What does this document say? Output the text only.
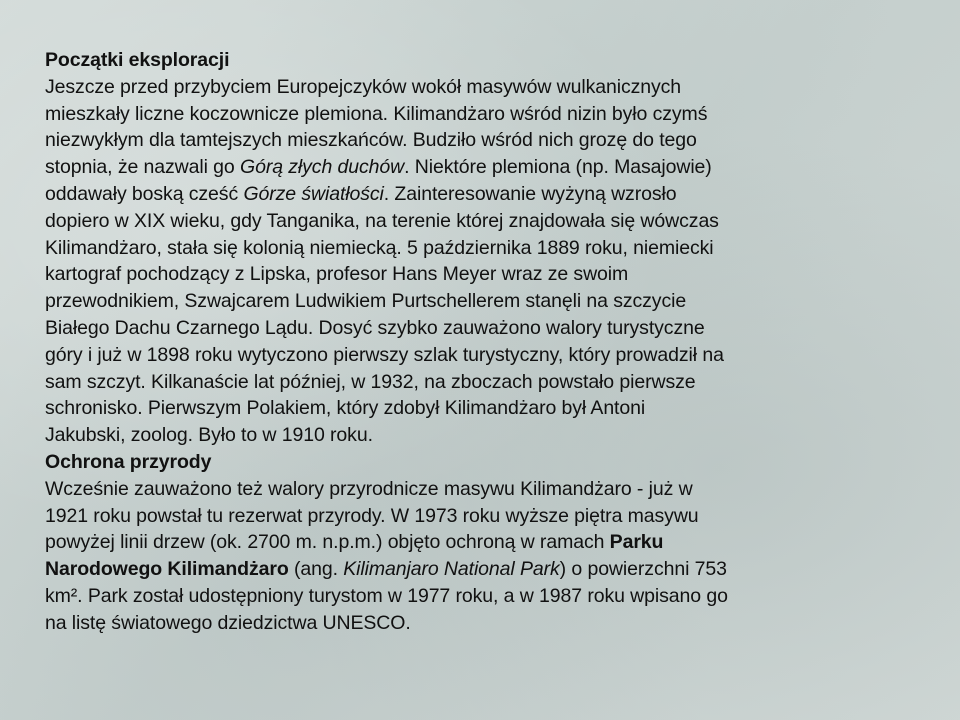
Początki eksploracji
Jeszcze przed przybyciem Europejczyków wokół masywów wulkanicznych
mieszkały liczne koczownicze plemiona. Kilimandżaro wśród nizin było czymś
niezwykłym dla tamtejszych mieszkańców. Budziło wśród nich grozę do tego
stopnia, że nazwali go Górą złych duchów. Niektóre plemiona (np. Masajowie)
oddawały boską cześć Górze światłości. Zainteresowanie wyżyną wzrosło
dopiero w XIX wieku, gdy Tanganika, na terenie której znajdowała się wówczas
Kilimandżaro, stała się kolonią niemiecką. 5 października 1889 roku, niemiecki
kartograf pochodzący z Lipska, profesor Hans Meyer wraz ze swoim
przewodnikiem, Szwajcarem Ludwikiem Purtschellerem stanęli na szczycie
Białego Dachu Czarnego Lądu. Dosyć szybko zauważono walory turystyczne
góry i już w 1898 roku wytyczono pierwszy szlak turystyczny, który prowadził na
sam szczyt. Kilkanaście lat później, w 1932, na zboczach powstało pierwsze
schronisko. Pierwszym Polakiem, który zdobył Kilimandżaro był Antoni
Jakubski, zoolog. Było to w 1910 roku.
Ochrona przyrody
Wcześnie zauważono też walory przyrodnicze masywu Kilimandżaro - już w
1921 roku powstał tu rezerwat przyrody. W 1973 roku wyższe piętra masywu
powyżej linii drzew (ok. 2700 m. n.p.m.) objęto ochroną w ramach Parku
Narodowego Kilimandżaro (ang. Kilimanjaro National Park) o powierzchni 753
km². Park został udostępniony turystom w 1977 roku, a w 1987 roku wpisano go
na listę światowego dziedzictwa UNESCO.
